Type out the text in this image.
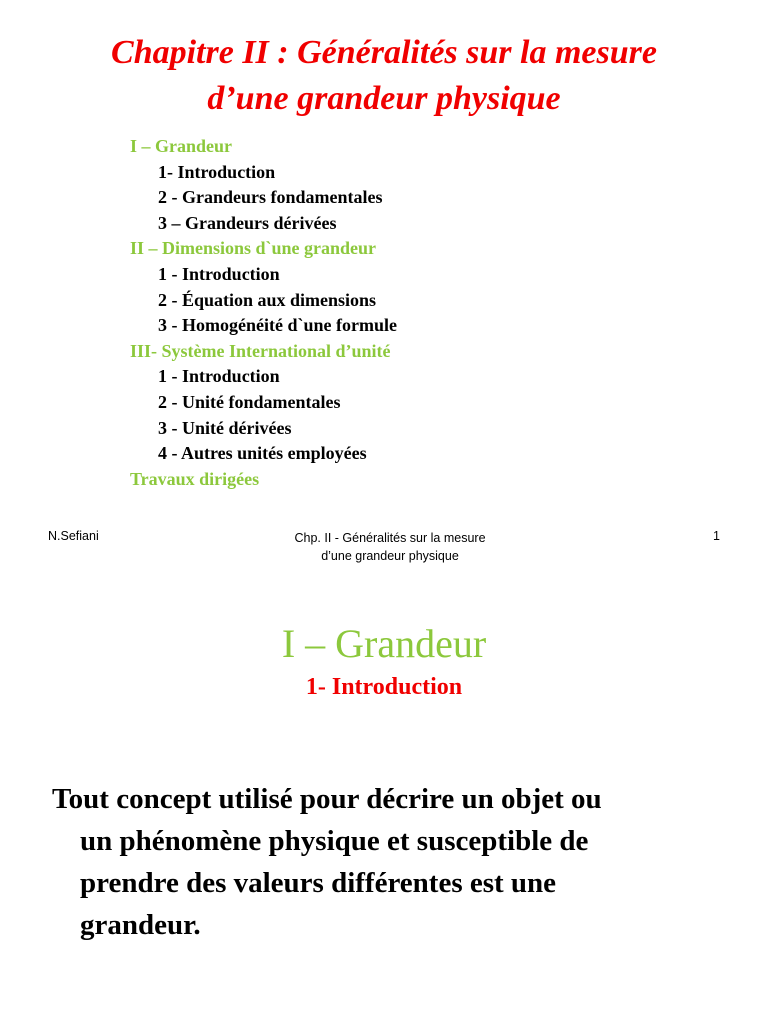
Chapitre II : Généralités sur la mesure
d’une grandeur physique
I – Grandeur
1- Introduction
2 - Grandeurs fondamentales
3 – Grandeurs dérivées
II – Dimensions d`une grandeur
1 - Introduction
2 - Équation aux dimensions
3 - Homogénéité d`une formule
III- Système International d’unité
1 - Introduction
2 - Unité fondamentales
3 - Unité dérivées
4 - Autres unités employées
Travaux dirigées
N.Sefiani	Chp. II - Généralités sur la mesure
d’une grandeur physique
1
I – Grandeur
1- Introduction
Tout concept utilisé pour décrire un objet ou
un phénomène physique et susceptible de
prendre des valeurs différentes est une
grandeur.
